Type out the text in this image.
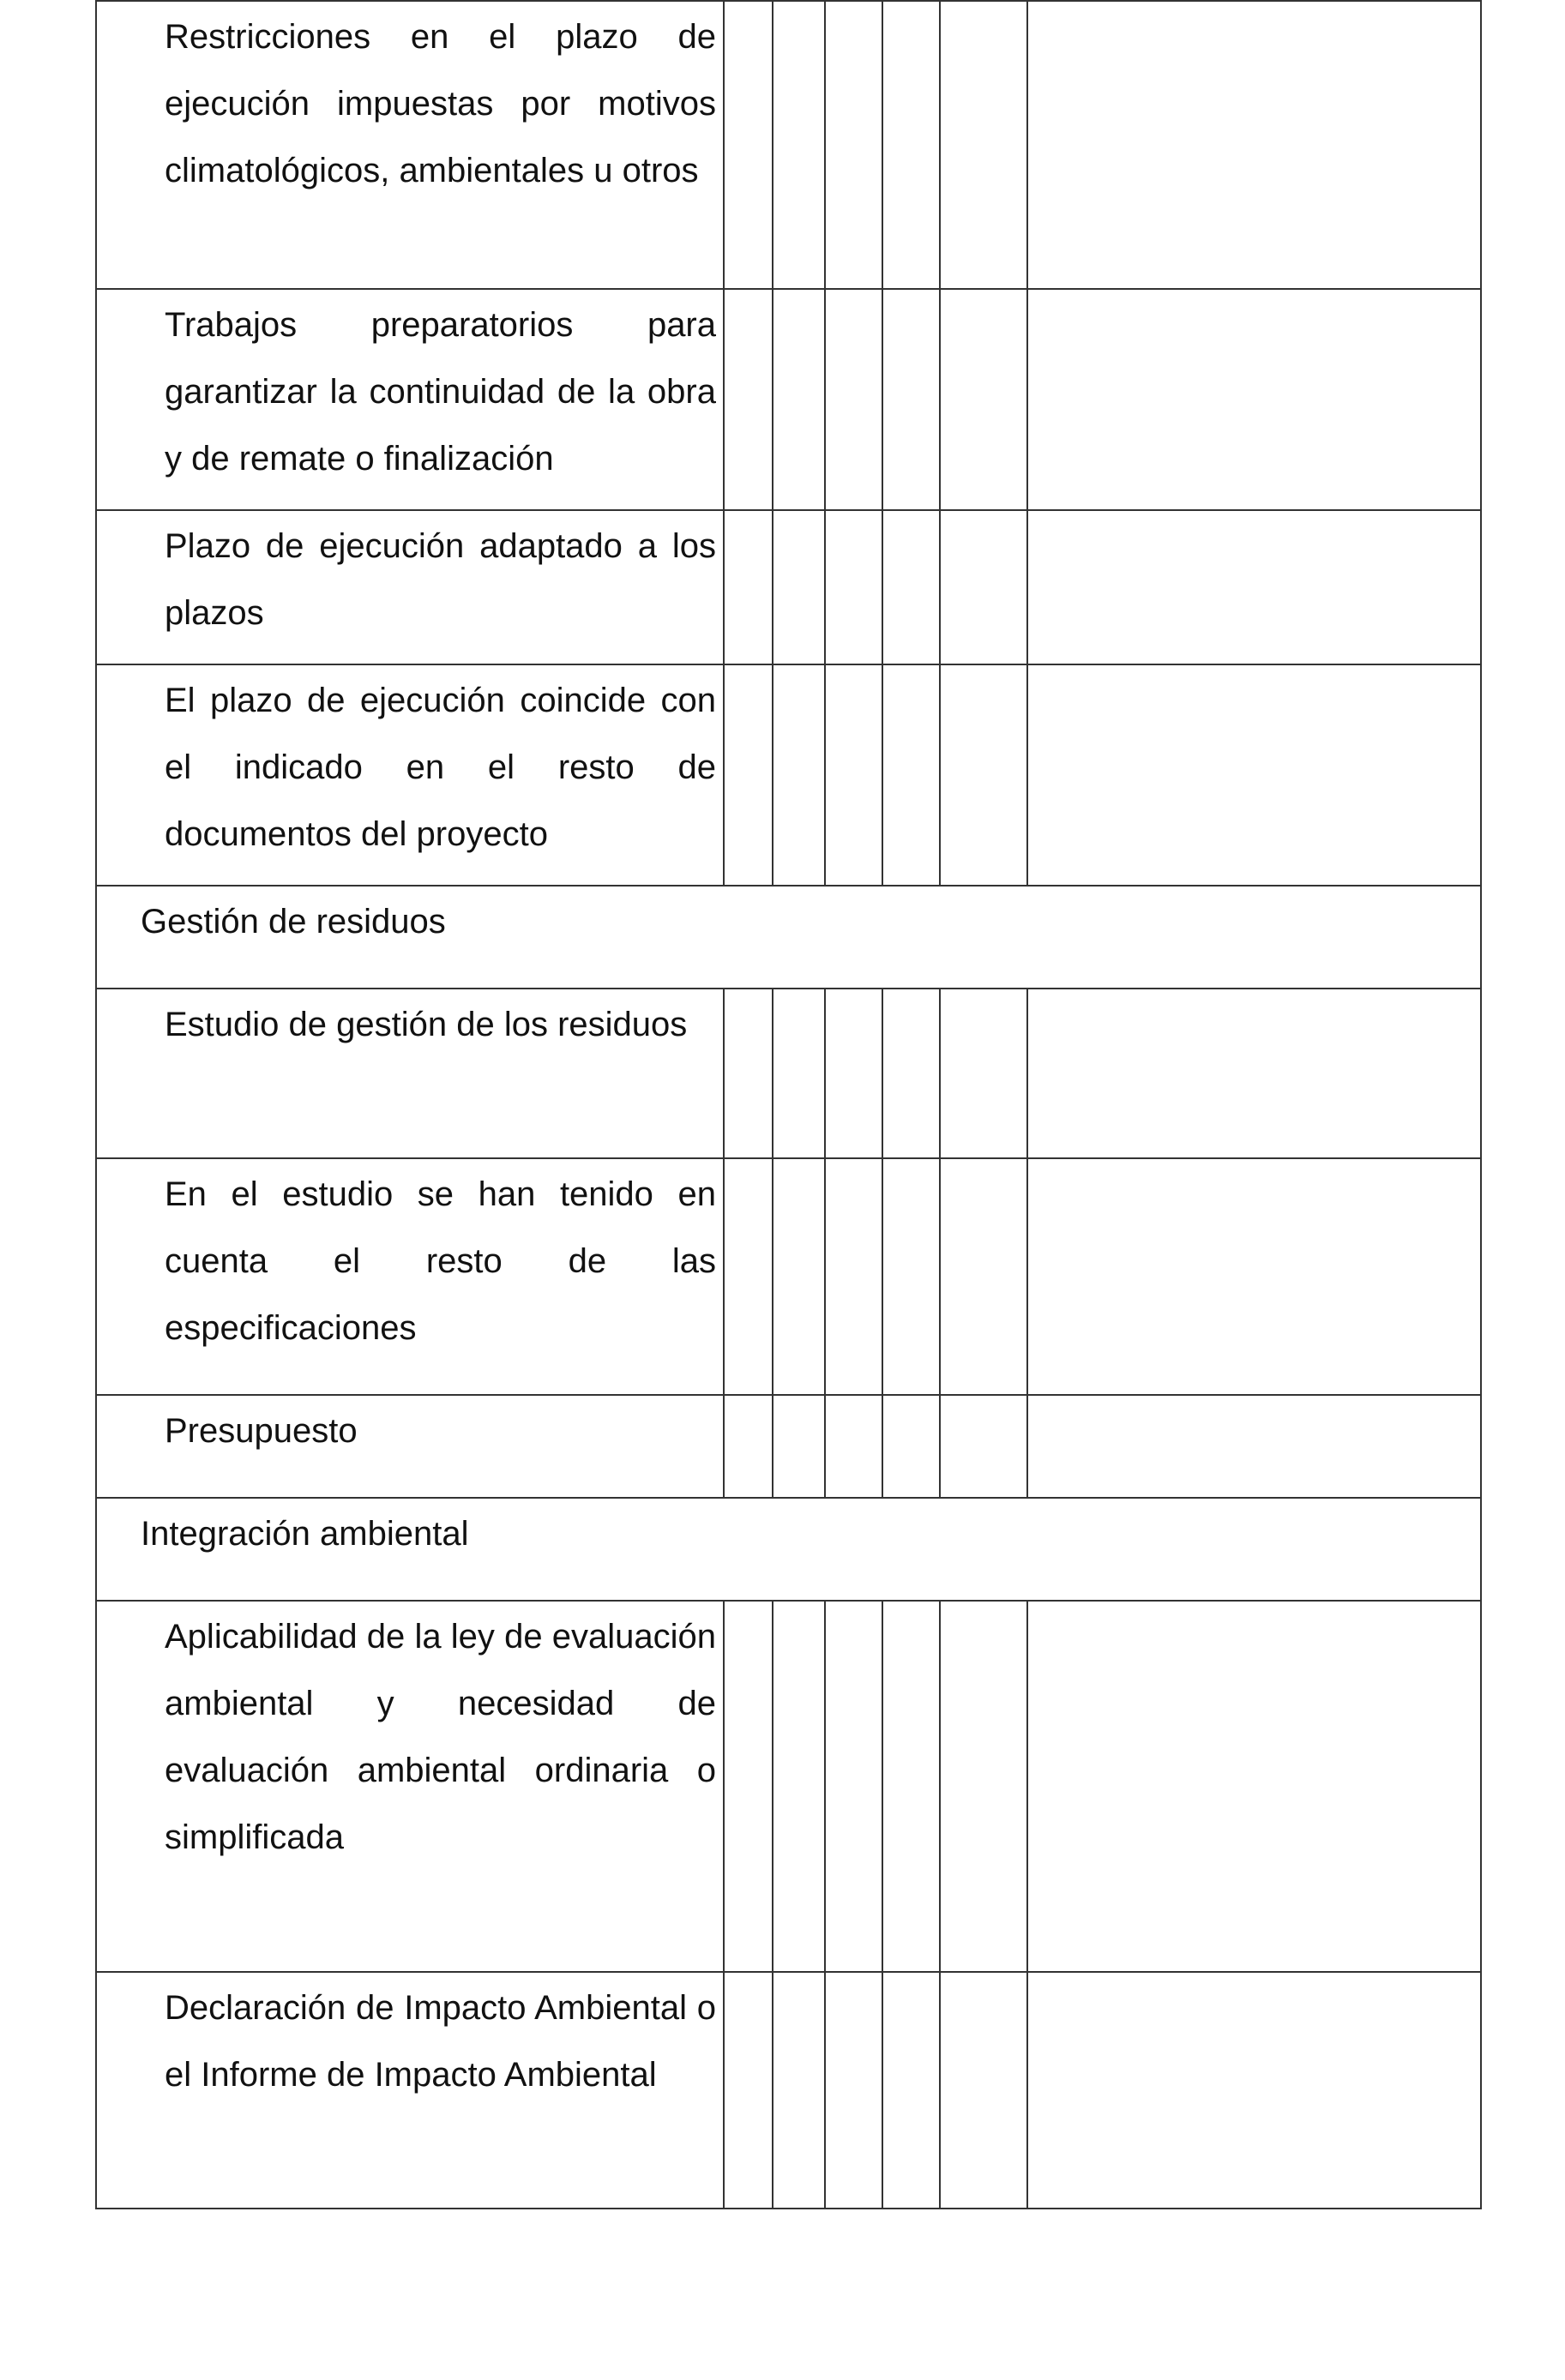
Restricciones en el plazo de ejecución impuestas por motivos climatológicos, ambientales u otros						
Trabajos preparatorios para garantizar la continuidad de la obra y de remate o finalización						
Plazo de ejecución adaptado a los plazos						
El plazo de ejecución coincide con el indicado en el resto de documentos del proyecto						
Gestión de residuos						
Estudio de gestión de los residuos						
En el estudio se han tenido en cuenta el resto de las especificaciones						
Presupuesto						
Integración ambiental						
Aplicabilidad de la ley de evaluación ambiental y necesidad de evaluación ambiental ordinaria o simplificada						
Declaración de Impacto Ambiental o el Informe de Impacto Ambiental						
